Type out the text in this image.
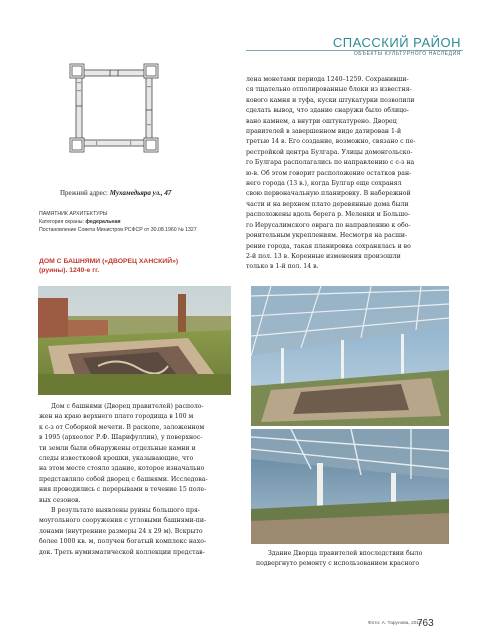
СПАССКИЙ РАЙОН
ОБЪЕКТЫ КУЛЬТУРНОГО НАСЛЕДИЯ

лена монетами периода 1240–1259. Сохранивши-

ся тщательно отполированные блоки из известня-

кового камня и туфа, куски штукатурки позволили

сделать вывод, что здание снаружи было облицо-

вано камнем, а внутри оштукатурено. Дворец

правителей в завершенном виде датирован 1-й

третью 14 в. Его создание, возможно, связано с пе-

рестройкой центра Булгара. Улицы домонгольско-

го Булгара располагались по направлению с с-з на

ю-в. Об этом говорит расположение остатков ран-

него города (13 в.), когда Булгар еще сохранял

свою первоначальную планировку. В набережной

части и на верхнем плато деревянные дома были

расположены вдоль берега р. Меленки и Большо-

го Иерусалимского оврага по направлению к обо-

ронительным укреплениям. Несмотря на расши-

рение города, такая планировка сохранялась и во

2-й пол. 13 в. Коренные изменения произошли

только в 1-й пол. 14 в.

Прежний адрес: Мухамедьяра ул., 47
ПАМЯТНИК АРХИТЕКТУРЫ
Категория охраны: федеральная
Постановление Совета Министров РСФСР от 30.08.1960 № 1327
ДОМ С БАШНЯМИ («ДВОРЕЦ ХАНСКИЙ»)
(руины). 1240-е гг.

Дом с башнями (Дворец правителей) располо-

жен на краю верхнего плато городища в 100 м

к с-з от Соборной мечети. В раскопе, заложенном

в 1995 (археолог Р.Ф. Шарифуллин), у поверхнос-

ти земли были обнаружены отдельные камни и

следы известковой крошки, указывающие, что

на этом месте стояло здание, которое изначально

представляло собой дворец с башнями. Исследова-

ния проводились с перерывами в течение 15 поле-

вых сезонов.

В результате выявлены руины большого пря-

моугольного сооружения с угловыми башнями-пи-

лонами (внутренние размеры 24 х 29 м). Вскрыто

более 1000 кв. м, получен богатый комплекс нахо-

док. Треть нумизматической коллекции представ-	Здание Дворца правителей впоследствии было

подвергнуто ремонту с использованием красного

Фото: А. Тарунова, 2012
763
